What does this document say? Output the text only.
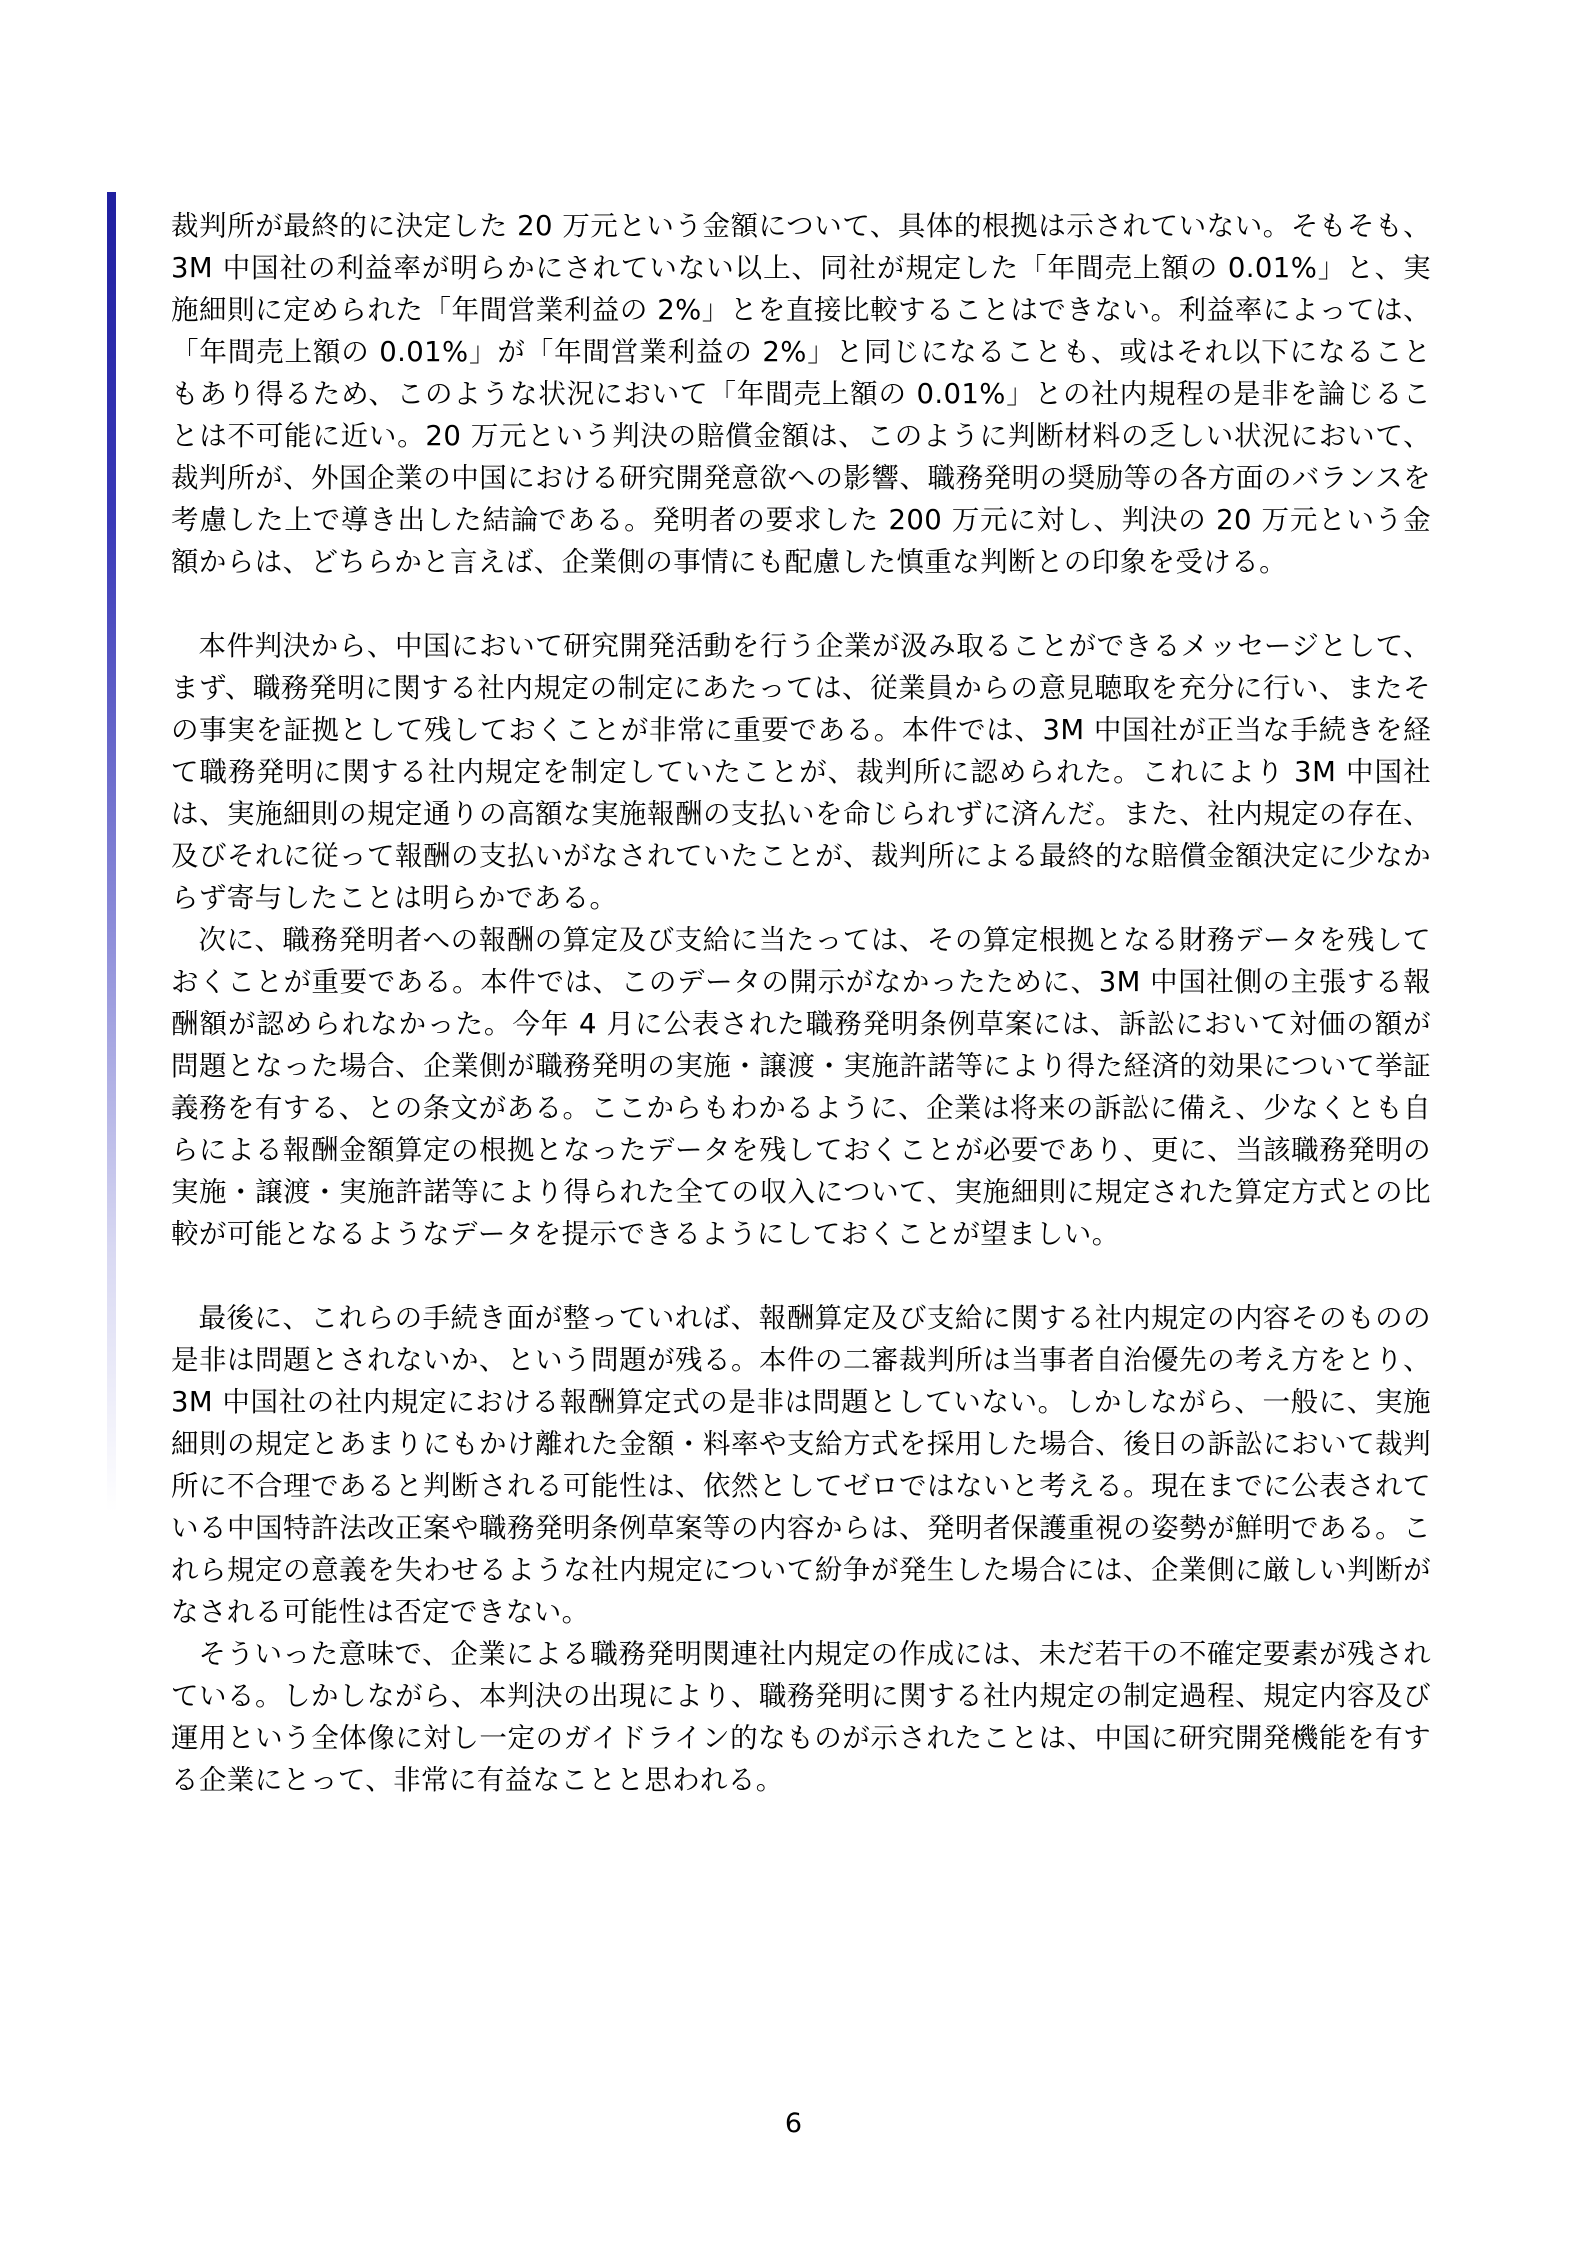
裁判所が最終的に決定した 20 万元という金額について、具体的根拠は示されていない。そもそも、3M 中国社の利益率が明らかにされていない以上、同社が規定した「年間売上額の 0.01%」と、実施細則に定められた「年間営業利益の 2%」とを直接比較することはできない。利益率によっては、「年間売上額の 0.01%」が「年間営業利益の 2%」と同じになることも、或はそれ以下になることもあり得るため、このような状況において「年間売上額の 0.01%」との社内規程の是非を論じることは不可能に近い。20 万元という判決の賠償金額は、このように判断材料の乏しい状況において、裁判所が、外国企業の中国における研究開発意欲への影響、職務発明の奨励等の各方面のバランスを考慮した上で導き出した結論である。発明者の要求した 200 万元に対し、判決の 20 万元という金額からは、どちらかと言えば、企業側の事情にも配慮した慎重な判断との印象を受ける。

本件判決から、中国において研究開発活動を行う企業が汲み取ることができるメッセージとして、まず、職務発明に関する社内規定の制定にあたっては、従業員からの意見聴取を充分に行い、またその事実を証拠として残しておくことが非常に重要である。本件では、3M 中国社が正当な手続きを経て職務発明に関する社内規定を制定していたことが、裁判所に認められた。これにより 3M 中国社は、実施細則の規定通りの高額な実施報酬の支払いを命じられずに済んだ。また、社内規定の存在、及びそれに従って報酬の支払いがなされていたことが、裁判所による最終的な賠償金額決定に少なからず寄与したことは明らかである。

次に、職務発明者への報酬の算定及び支給に当たっては、その算定根拠となる財務データを残しておくことが重要である。本件では、このデータの開示がなかったために、3M 中国社側の主張する報酬額が認められなかった。今年 4 月に公表された職務発明条例草案には、訴訟において対価の額が問題となった場合、企業側が職務発明の実施・譲渡・実施許諾等により得た経済的効果について挙証義務を有する、との条文がある。ここからもわかるように、企業は将来の訴訟に備え、少なくとも自らによる報酬金額算定の根拠となったデータを残しておくことが必要であり、更に、当該職務発明の実施・譲渡・実施許諾等により得られた全ての収入について、実施細則に規定された算定方式との比較が可能となるようなデータを提示できるようにしておくことが望ましい。

最後に、これらの手続き面が整っていれば、報酬算定及び支給に関する社内規定の内容そのものの是非は問題とされないか、という問題が残る。本件の二審裁判所は当事者自治優先の考え方をとり、3M 中国社の社内規定における報酬算定式の是非は問題としていない。しかしながら、一般に、実施細則の規定とあまりにもかけ離れた金額・料率や支給方式を採用した場合、後日の訴訟において裁判所に不合理であると判断される可能性は、依然としてゼロではないと考える。現在までに公表されている中国特許法改正案や職務発明条例草案等の内容からは、発明者保護重視の姿勢が鮮明である。これら規定の意義を失わせるような社内規定について紛争が発生した場合には、企業側に厳しい判断がなされる可能性は否定できない。

そういった意味で、企業による職務発明関連社内規定の作成には、未だ若干の不確定要素が残されている。しかしながら、本判決の出現により、職務発明に関する社内規定の制定過程、規定内容及び運用という全体像に対し一定のガイドライン的なものが示されたことは、中国に研究開発機能を有する企業にとって、非常に有益なことと思われる。

6
